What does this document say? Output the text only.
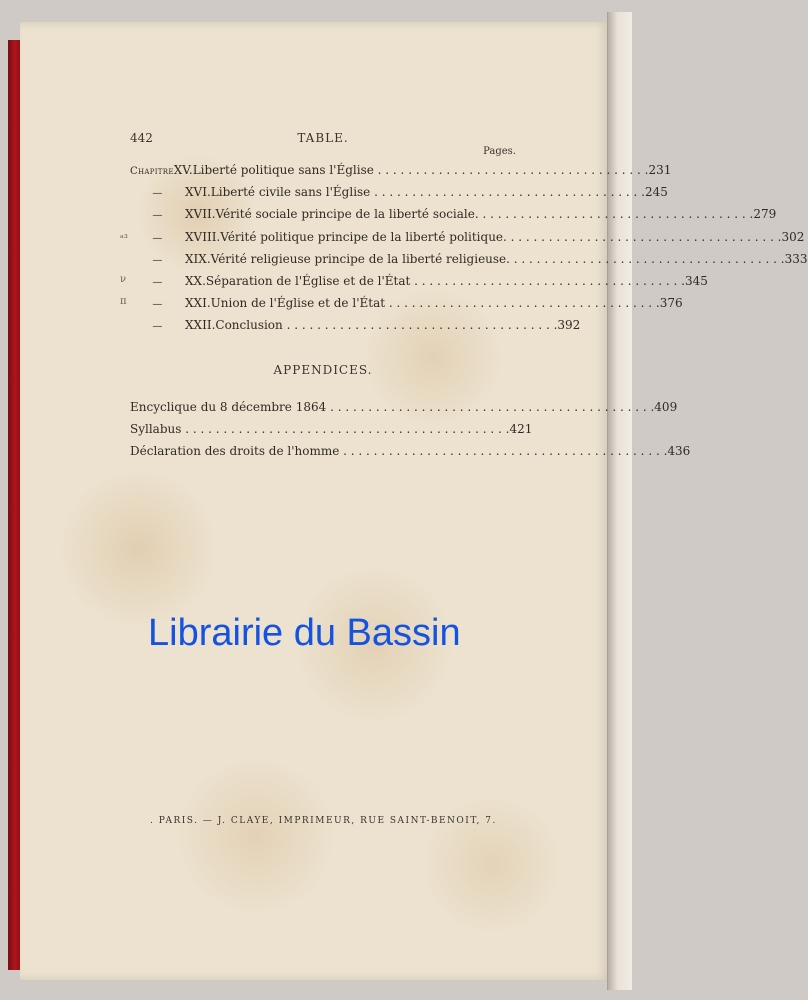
442	TABLE.
Pages.
Chapitre XV. Liberté politique sans l'Église . . .	231
—	XVI. Liberté civile sans l'Église . . .	245
—	XVII. Vérité sociale principe de la liberté sociale. . . .	279
ₐ₃	—	XVIII. Vérité politique principe de la liberté politique. . . .	302
—	XIX. Vérité religieuse principe de la liberté religieuse. . . .	333
ν	—	XX. Séparation de l'Église et de l'État . . .	345
π	—	XXI. Union de l'Église et de l'État . . .	376
—	XXII. Conclusion . . .	392
APPENDICES.
Encyclique du 8 décembre 1864 . . .	409
Syllabus . . .	421
Déclaration des droits de l'homme . . .	436
Librairie du Bassin
. PARIS. — J. CLAYE, IMPRIMEUR, RUE SAINT-BENOIT, 7.
